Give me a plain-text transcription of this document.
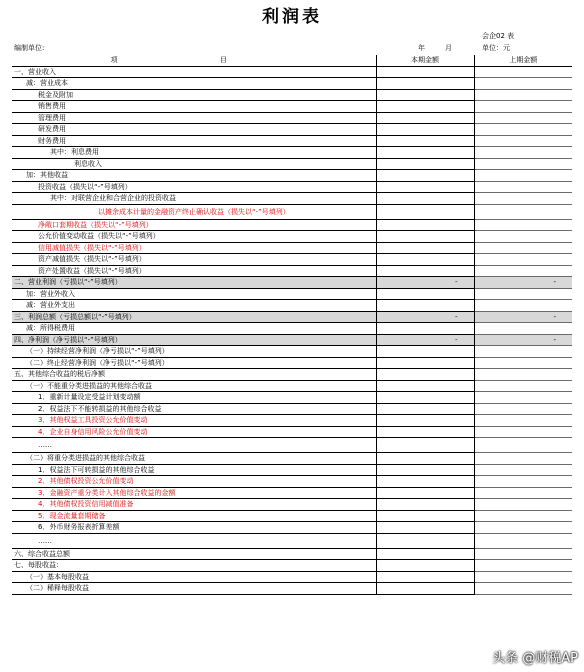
利润表
会企02 表
编制单位:	年	月	单位：元
项 目	本期金额	上期金额
一、营业收入		
减：营业成本		
税金及附加		
销售费用		
管理费用		
研发费用		
财务费用		
其中：利息费用		
利息收入		
加：其他收益		
投资收益（损失以“-”号填列）		
其中：对联营企业和合营企业的投资收益		
以摊余成本计量的金融资产终止确认收益（损失以“-”号填列）		
净敞口套期收益（损失以“-”号填列）		
公允价值变动收益（损失以“-”号填列）		
信用减值损失（损失以“-”号填列）		
资产减值损失（损失以“-”号填列）		
资产处置收益（损失以“-”号填列）		
二、营业利润（亏损以“-”号填列）	-	-
加：营业外收入		
减：营业外支出		
三、利润总额（亏损总额以“-”号填列）	-	-
减：所得税费用		
四、净利润（净亏损以“-”号填列）	-	-
（一）持续经营净利润（净亏损以“-”号填列）		
（二）终止经营净利润（净亏损以“-”号填列）		
五、其他综合收益的税后净额		
（一）不能重分类进损益的其他综合收益		
1．重新计量设定受益计划变动额		
2．权益法下不能转损益的其他综合收益		
3．其他权益工具投资公允价值变动		
4．企业自身信用风险公允价值变动		
……		
（二）将重分类进损益的其他综合收益		
1．权益法下可转损益的其他综合收益		
2．其他债权投资公允价值变动		
3．金融资产重分类计入其他综合收益的金额		
4．其他债权投资信用减值准备		
5．现金流量套期储备		
6．外币财务报表折算差额		
……		
六、综合收益总额		
七、每股收益：		
（一）基本每股收益		
（二）稀释每股收益		
头条 @财税AP
